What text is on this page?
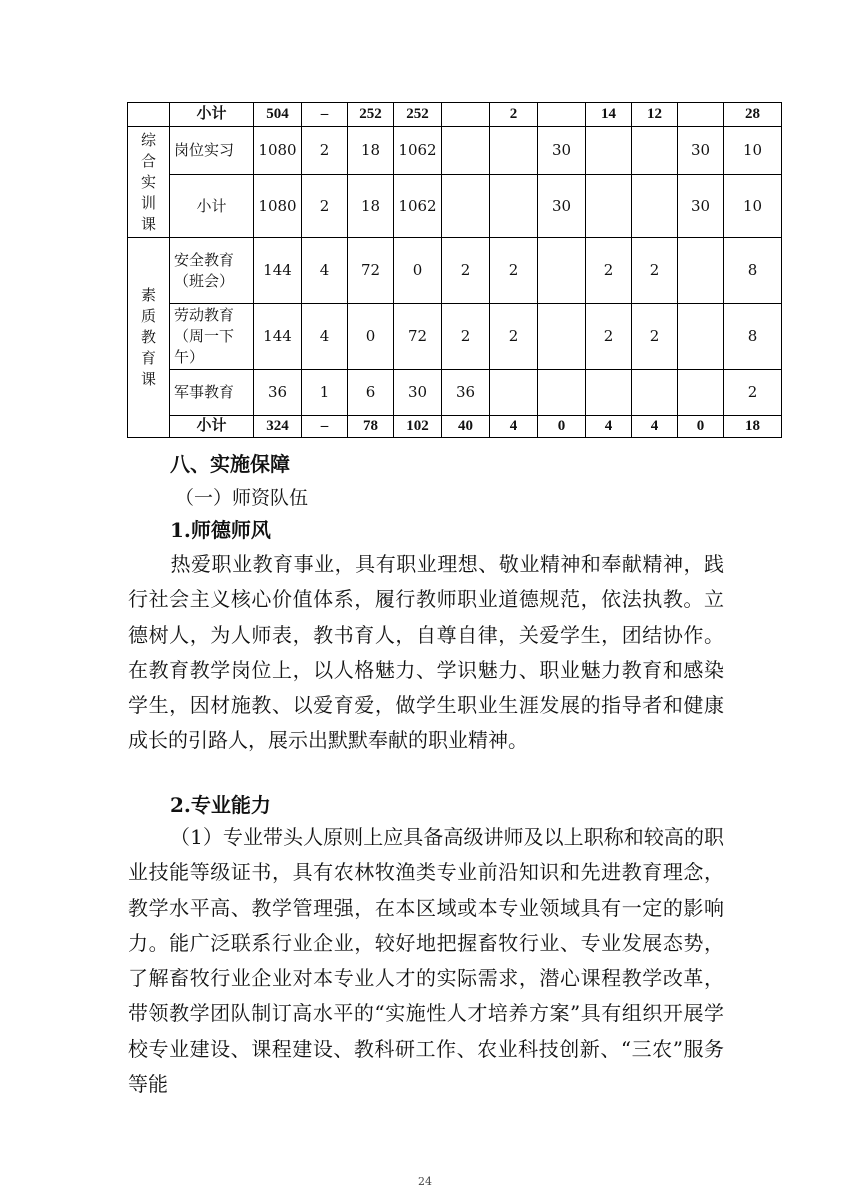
	小计	504	–	252	252		2		14	12		28

综
合
实
训
课	岗位实习	1080	2	18	1062			30			30	10
	小计	1080	2	18	1062			30			30	10

素
质
教
育
课	安全教育（班会）	144	4	72	0	2	2		2	2		8
	劳动教育（周一下午）	144	4	0	72	2	2		2	2		8
	军事教育	36	1	6	30	36						2
	小计	324	–	78	102	40	4	0	4	4	0	18
八、实施保障
（一）师资队伍
1.师德师风

热爱职业教育事业，具有职业理想、敬业精神和奉献精神，践行社会主义核心价值体系，履行教师职业道德规范，依法执教。立德树人，为人师表，教书育人，自尊自律，关爱学生，团结协作。在教育教学岗位上，以人格魅力、学识魅力、职业魅力教育和感染学生，因材施教、以爱育爱，做学生职业生涯发展的指导者和健康成长的引路人，展示出默默奉献的职业精神。

2.专业能力

（1）专业带头人原则上应具备高级讲师及以上职称和较高的职业技能等级证书，具有农林牧渔类专业前沿知识和先进教育理念，教学水平高、教学管理强，在本区域或本专业领域具有一定的影响力。能广泛联系行业企业，较好地把握畜牧行业、专业发展态势，了解畜牧行业企业对本专业人才的实际需求，潜心课程教学改革，带领教学团队制订高水平的“实施性人才培养方案”具有组织开展学校专业建设、课程建设、教科研工作、农业科技创新、“三农”服务等能

24
